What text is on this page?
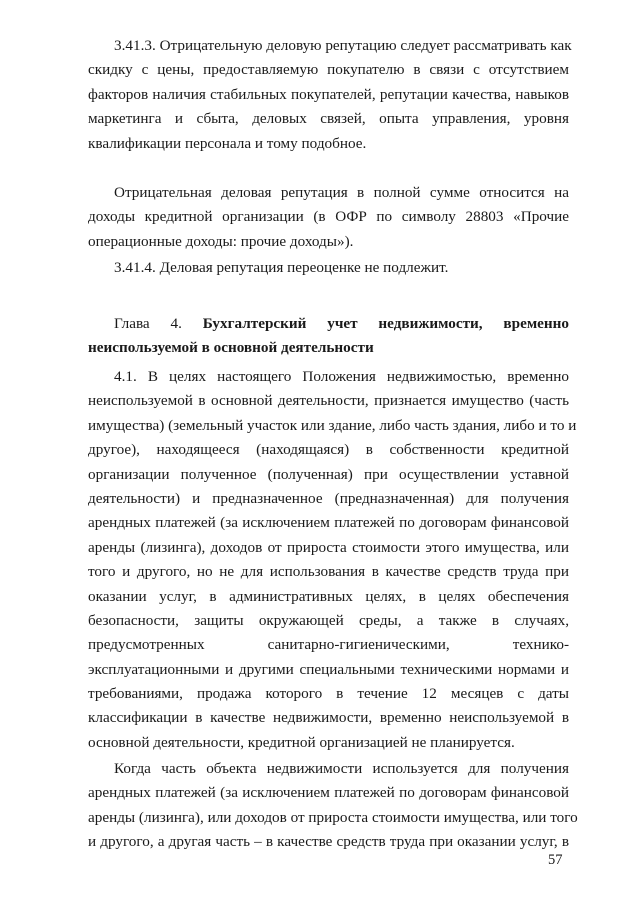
3.41.3. Отрицательную деловую репутацию следует рассматривать как
скидку с цены, предоставляемую покупателю в связи с отсутствием
факторов наличия стабильных покупателей, репутации качества, навыков
маркетинга и сбыта, деловых связей, опыта управления, уровня
квалификации персонала и тому подобное.
Отрицательная деловая репутация в полной сумме относится на
доходы кредитной организации (в ОФР по символу 28803 «Прочие
операционные доходы: прочие доходы»).
3.41.4. Деловая репутация переоценке не подлежит.
Глава 4. Бухгалтерский учет недвижимости, временно
неиспользуемой в основной деятельности
4.1. В целях настоящего Положения недвижимостью, временно
неиспользуемой в основной деятельности, признается имущество (часть
имущества) (земельный участок или здание, либо часть здания, либо и то и
другое), находящееся (находящаяся) в собственности кредитной
организации полученное (полученная) при осуществлении уставной
деятельности) и предназначенное (предназначенная) для получения
арендных платежей (за исключением платежей по договорам финансовой
аренды (лизинга), доходов от прироста стоимости этого имущества, или
того и другого, но не для использования в качестве средств труда при
оказании услуг, в административных целях, в целях обеспечения
безопасности, защиты окружающей среды, а также в случаях,
предусмотренных санитарно-гигиеническими, технико-
эксплуатационными и другими специальными техническими нормами и
требованиями, продажа которого в течение 12 месяцев с даты
классификации в качестве недвижимости, временно неиспользуемой в
основной деятельности, кредитной организацией не планируется.
Когда часть объекта недвижимости используется для получения
арендных платежей (за исключением платежей по договорам финансовой
аренды (лизинга), или доходов от прироста стоимости имущества, или того
и другого, а другая часть – в качестве средств труда при оказании услуг, в
57
